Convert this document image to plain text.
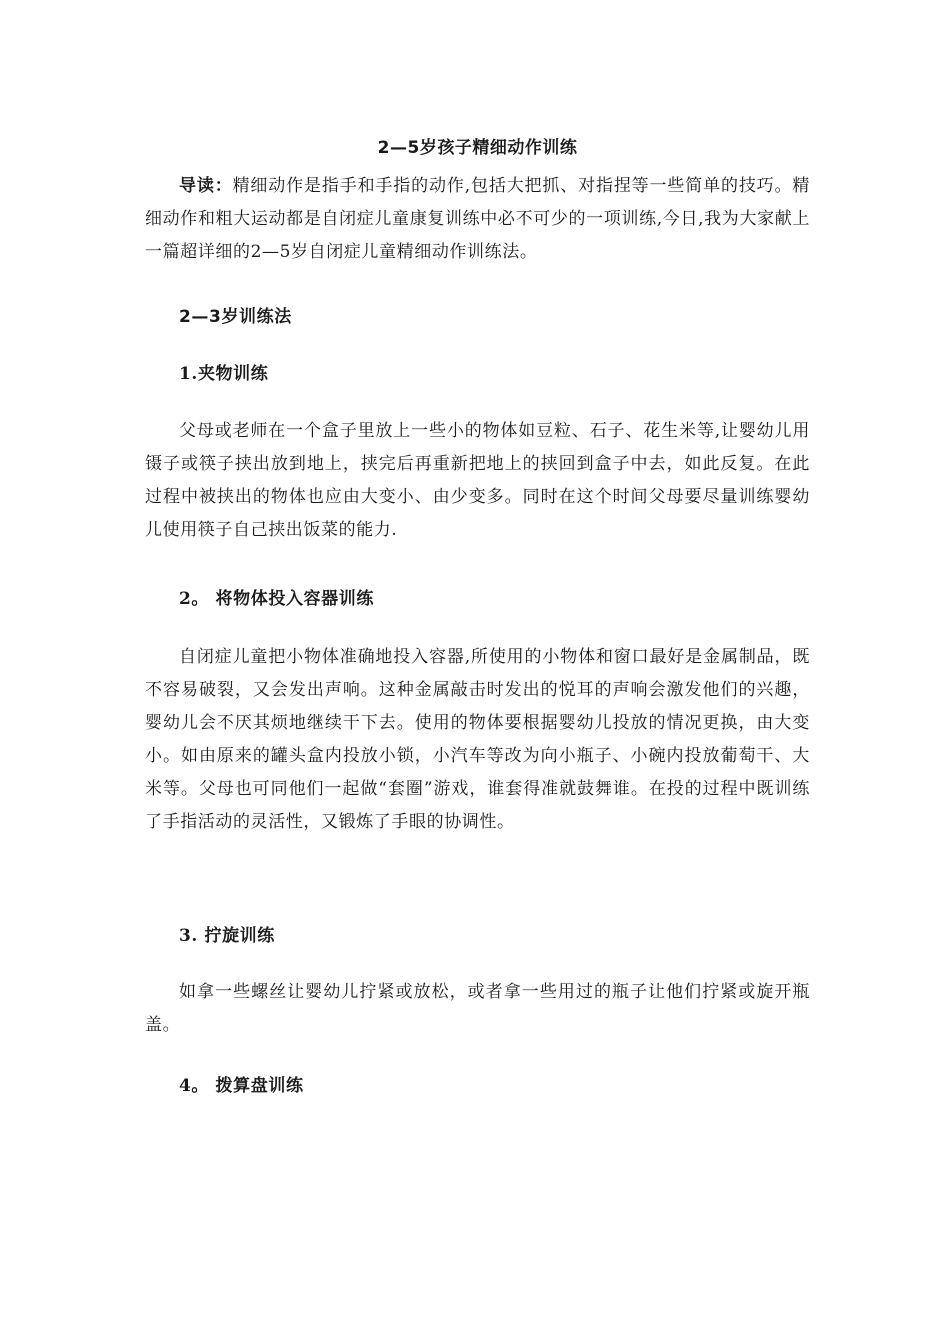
2—5岁孩子精细动作训练

导读：精细动作是指手和手指的动作,包括大把抓、对指捏等一些简单的技巧。精细动作和粗大运动都是自闭症儿童康复训练中必不可少的一项训练,今日,我为大家献上一篇超详细的2—5岁自闭症儿童精细动作训练法。

2—3岁训练法
1.夹物训练

父母或老师在一个盒子里放上一些小的物体如豆粒、石子、花生米等,让婴幼儿用镊子或筷子挟出放到地上，挟完后再重新把地上的挟回到盒子中去，如此反复。在此过程中被挟出的物体也应由大变小、由少变多。同时在这个时间父母要尽量训练婴幼儿使用筷子自己挟出饭菜的能力.

2。 将物体投入容器训练

自闭症儿童把小物体准确地投入容器,所使用的小物体和窗口最好是金属制品，既不容易破裂，又会发出声响。这种金属敲击时发出的悦耳的声响会激发他们的兴趣，婴幼儿会不厌其烦地继续干下去。使用的物体要根据婴幼儿投放的情况更换，由大变小。如由原来的罐头盒内投放小锁，小汽车等改为向小瓶子、小碗内投放葡萄干、大米等。父母也可同他们一起做“套圈”游戏，谁套得准就鼓舞谁。在投的过程中既训练了手指活动的灵活性，又锻炼了手眼的协调性。

3. 拧旋训练

如拿一些螺丝让婴幼儿拧紧或放松，或者拿一些用过的瓶子让他们拧紧或旋开瓶盖。

4。 拨算盘训练
